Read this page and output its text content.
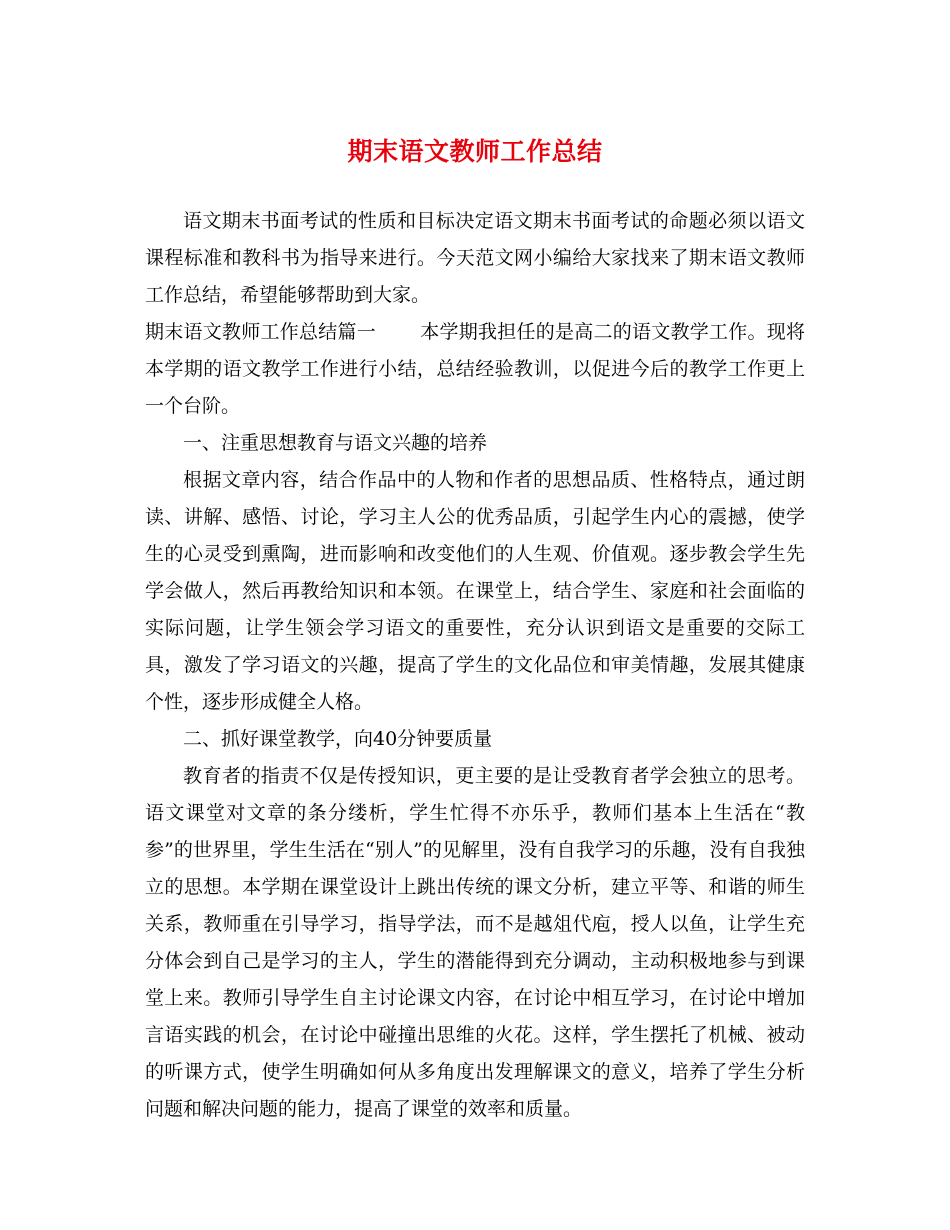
期末语文教师工作总结

语文期末书面考试的性质和目标决定语文期末书面考试的命题必须以语文课程标准和教科书为指导来进行。今天范文网小编给大家找来了期末语文教师工作总结，希望能够帮助到大家。

期末语文教师工作总结篇一 本学期我担任的是高二的语文教学工作。现将本学期的语文教学工作进行小结，总结经验教训，以促进今后的教学工作更上一个台阶。

一、注重思想教育与语文兴趣的培养

根据文章内容，结合作品中的人物和作者的思想品质、性格特点，通过朗读、讲解、感悟、讨论，学习主人公的优秀品质，引起学生内心的震撼，使学生的心灵受到熏陶，进而影响和改变他们的人生观、价值观。逐步教会学生先学会做人，然后再教给知识和本领。在课堂上，结合学生、家庭和社会面临的实际问题，让学生领会学习语文的重要性，充分认识到语文是重要的交际工具，激发了学习语文的兴趣，提高了学生的文化品位和审美情趣，发展其健康个性，逐步形成健全人格。

二、抓好课堂教学，向40分钟要质量

教育者的指责不仅是传授知识，更主要的是让受教育者学会独立的思考。语文课堂对文章的条分缕析，学生忙得不亦乐乎，教师们基本上生活在“教参”的世界里，学生生活在“别人”的见解里，没有自我学习的乐趣，没有自我独立的思想。本学期在课堂设计上跳出传统的课文分析，建立平等、和谐的师生关系，教师重在引导学习，指导学法，而不是越俎代庖，授人以鱼，让学生充分体会到自己是学习的主人，学生的潜能得到充分调动，主动积极地参与到课堂上来。教师引导学生自主讨论课文内容，在讨论中相互学习，在讨论中增加言语实践的机会，在讨论中碰撞出思维的火花。这样，学生摆托了机械、被动的听课方式，使学生明确如何从多角度出发理解课文的意义，培养了学生分析问题和解决问题的能力，提高了课堂的效率和质量。
